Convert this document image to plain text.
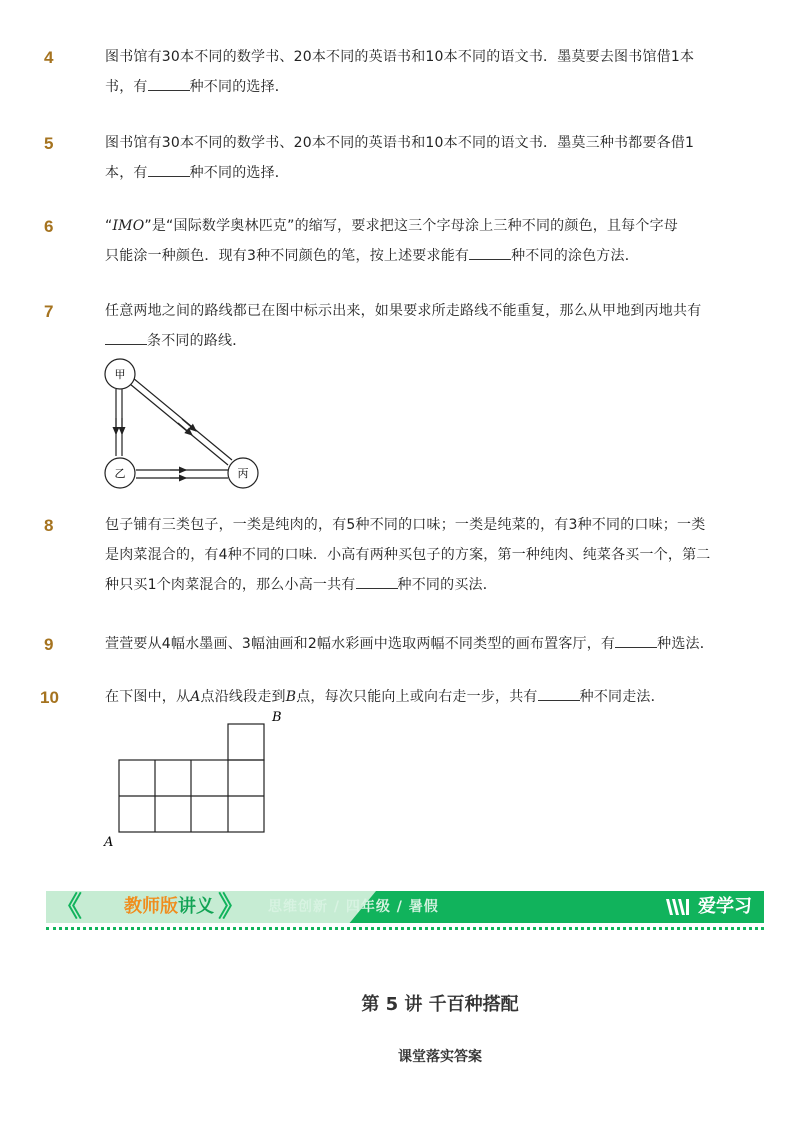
4	图书馆有30本不同的数学书、20本不同的英语书和10本不同的语文书．墨莫要去图书馆借1本
书，有	种不同的选择．
5	图书馆有30本不同的数学书、20本不同的英语书和10本不同的语文书．墨莫三种书都要各借1
本，有	种不同的选择．
6	“IMO”是“国际数学奥林匹克”的缩写，要求把这三个字母涂上三种不同的颜色，且每个字母
只能涂一种颜色．现有3种不同颜色的笔，按上述要求能有	种不同的涂色方法．
7	任意两地之间的路线都已在图中标示出来，如果要求所走路线不能重复，那么从甲地到丙地共有
条不同的路线．
甲
乙	丙
8	包子铺有三类包子，一类是纯肉的，有5种不同的口味；一类是纯菜的，有3种不同的口味；一类
是肉菜混合的，有4种不同的口味．小高有两种买包子的方案，第一种纯肉、纯菜各买一个，第二
种只买1个肉菜混合的，那么小高一共有	种不同的买法．
9	萱萱要从4幅水墨画、3幅油画和2幅水彩画中选取两幅不同类型的画布置客厅，有	种选法．
10	在下图中，从A点沿线段走到B点，每次只能向上或向右走一步，共有	种不同走法．
A
B
《	》
教师版讲义	思维创新 / 四年级 / 暑假	爱学习
第 5 讲 千百种搭配
课堂落实答案
